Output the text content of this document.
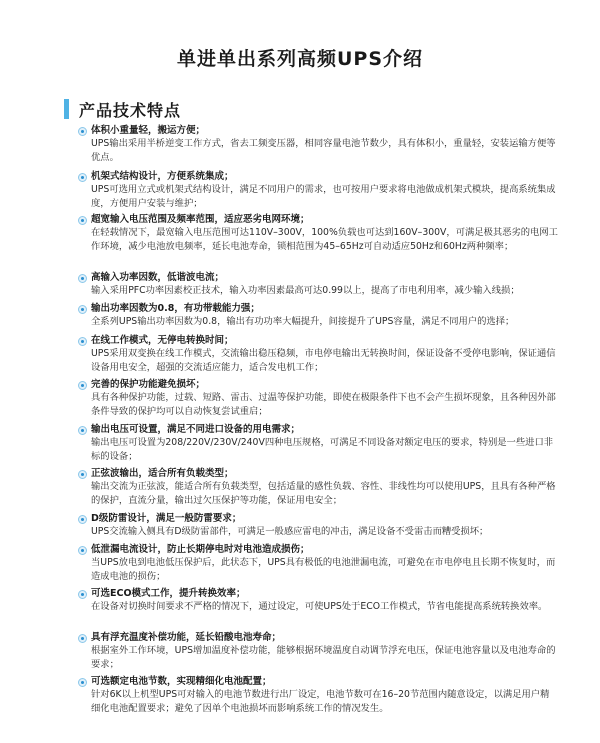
单进单出系列高频UPS介绍
产品技术特点
体积小重量轻，搬运方便；
UPS输出采用半桥逆变工作方式，省去工频变压器，相同容量电池节数少，具有体积小，重量轻，安装运输方便等优点。
机架式结构设计，方便系统集成；
UPS可选用立式或机架式结构设计，满足不同用户的需求，也可按用户要求将电池做成机架式模块，提高系统集成度，方便用户安装与维护；
超宽输入电压范围及频率范围，适应恶劣电网环境；
在轻载情况下，最宽输入电压范围可达110V–300V，100%负载也可达到160V–300V，可满足极其恶劣的电网工作环境，减少电池放电频率，延长电池寿命，锁相范围为45–65Hz可自动适应50Hz和60Hz两种频率；
高输入功率因数，低谐波电流；
输入采用PFC功率因素校正技术，输入功率因素最高可达0.99以上，提高了市电利用率，减少输入线损；
输出功率因数为0.8，有功带载能力强；
全系列UPS输出功率因数为0.8，输出有功功率大幅提升，间接提升了UPS容量，满足不同用户的选择；
在线工作模式，无停电转换时间；
UPS采用双变换在线工作模式，交流输出稳压稳频，市电停电输出无转换时间，保证设备不受停电影响，保证通信设备用电安全，超强的交流适应能力，适合发电机工作；
完善的保护功能避免损坏；
具有各种保护功能，过载、短路、雷击、过温等保护功能，即使在极限条件下也不会产生损坏现象，且各种因外部条件导致的保护均可以自动恢复尝试重启；
输出电压可设置，满足不同进口设备的用电需求；
输出电压可设置为208/220V/230V/240V四种电压规格，可满足不同设备对额定电压的要求，特别是一些进口非标的设备；
正弦波输出，适合所有负载类型；
输出交流为正弦波，能适合所有负载类型，包括适量的感性负载、容性、非线性均可以使用UPS，且具有各种严格的保护，直流分量，输出过欠压保护等功能，保证用电安全；
D级防雷设计，满足一般防雷要求；
UPS交流输入侧具有D级防雷部件，可满足一般感应雷电的冲击，满足设备不受雷击而糟受损坏；
低泄漏电流设计，防止长期停电时对电池造成损伤；
当UPS放电到电池低压保护后，此状态下，UPS具有极低的电池泄漏电流，可避免在市电停电且长期不恢复时，而造成电池的损伤；
可选ECO模式工作，提升转换效率；
在设备对切换时间要求不严格的情况下，通过设定，可使UPS处于ECO工作模式，节省电能提高系统转换效率。
具有浮充温度补偿功能，延长铅酸电池寿命；
根据室外工作环境，UPS增加温度补偿功能，能够根据环境温度自动调节浮充电压，保证电池容量以及电池寿命的要求；
可选额定电池节数，实现精细化电池配置；
针对6K以上机型UPS可对输入的电池节数进行出厂设定，电池节数可在16–20节范围内随意设定，以满足用户精细化电池配置要求；避免了因单个电池损坏而影响系统工作的情况发生。
